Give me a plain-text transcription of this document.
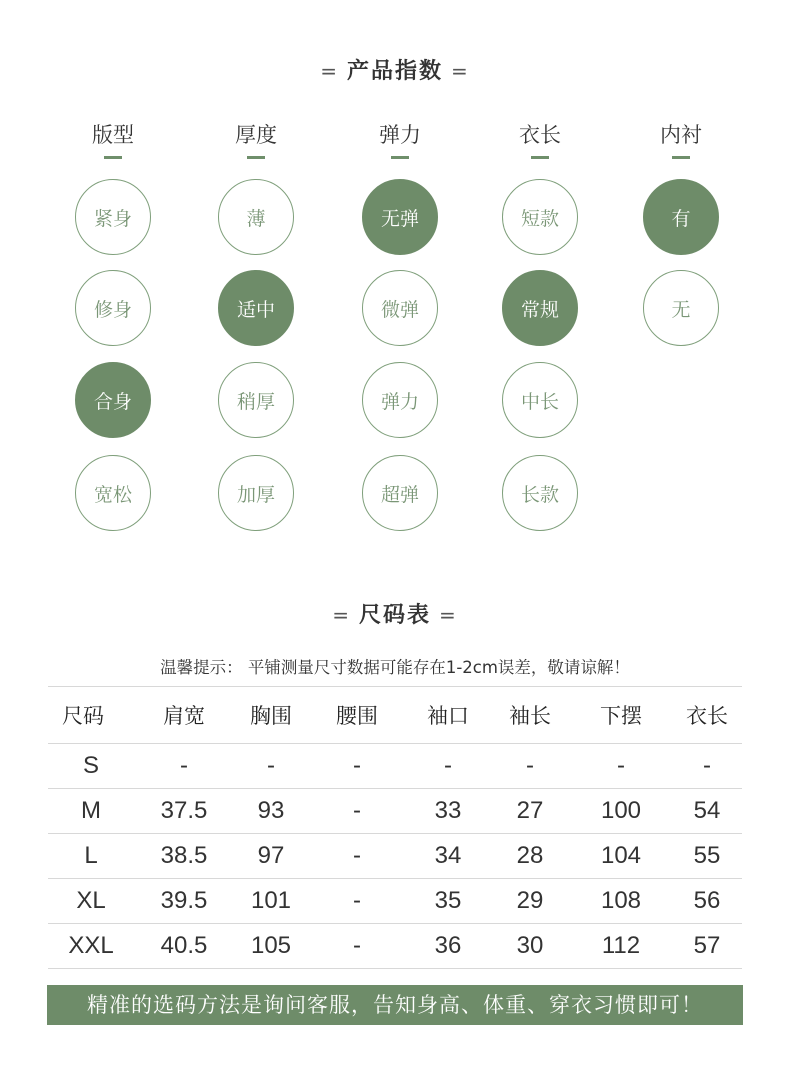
= 产品指数 =
版型
紧身
修身
合身
宽松
厚度
薄
适中
稍厚
加厚
弹力
无弹
微弹
弹力
超弹
衣长
短款
常规
中长
长款
内衬
有
无
= 尺码表 =
温馨提示： 平铺测量尺寸数据可能存在1-2cm误差，敬请谅解！
尺码	肩宽	胸围	腰围	袖口	袖长	下摆	衣长
S	-	-	-	-	-	-	-
M	37.5	93	-	33	27	100	54
L	38.5	97	-	34	28	104	55
XL	39.5	101	-	35	29	108	56
XXL	40.5	105	-	36	30	112	57
精准的选码方法是询问客服，告知身高、体重、穿衣习惯即可！
